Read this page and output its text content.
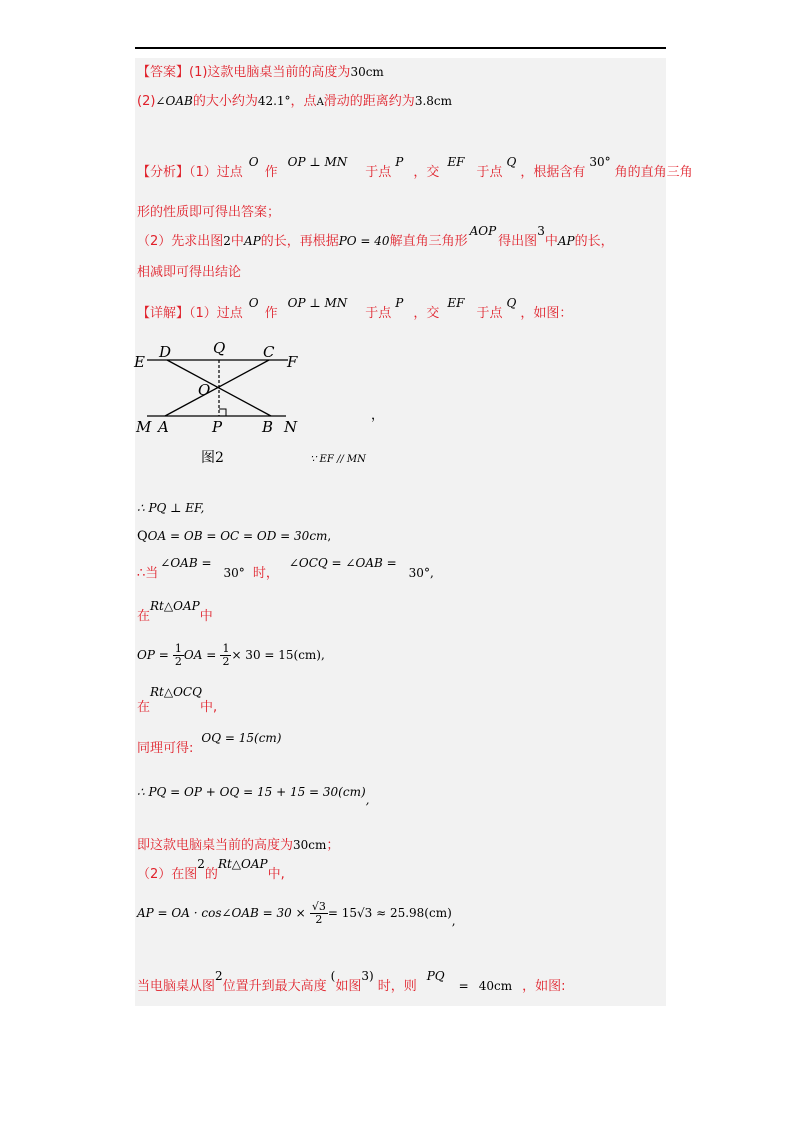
【答案】(1)这款电脑桌当前的高度为30cm
(2)∠OAB的大小约为42.1°，点A滑动的距离约为3.8cm
【分析】（1）过点O作OP ⊥ MN于点P，交EF于点Q，根据含有30°角的直角三角
形的性质即可得出答案；
（2）先求出图2中AP的长，再根据PO = 40解直角三角形AOP得出图3中AP的长，
相减即可得出结论
【详解】（1）过点O作OP ⊥ MN于点P，交EF于点Q，如图：
E
D	Q	C
F
O
M A	P	B N
图2
，
∵ EF // MN
∴ PQ ⊥ EF,
QOA = OB = OC = OD = 30cm,
∴当∠OAB =30° 时，∠OCQ = ∠OAB =30°,
在Rt△OAP中
OP = $\frac{1}{2}$ OA = $\frac{1}{2} \times 30 = 15(cm)$,
Rt△OCQ
在	中,
同理可得:OQ = 15(cm)
∴ PQ = OP + OQ = 15 + 15 = 30(cm),
即这款电脑桌当前的高度为30cm；
（2）在图2的Rt△OAP中,
AP = OA · cos∠OAB = $30 \times \frac{√3}{2} = 15√3 \approx 25.98(cm)$,
当电脑桌从图2位置升到最大高度(如图3)时，则PQ= 40cm ，如图:
